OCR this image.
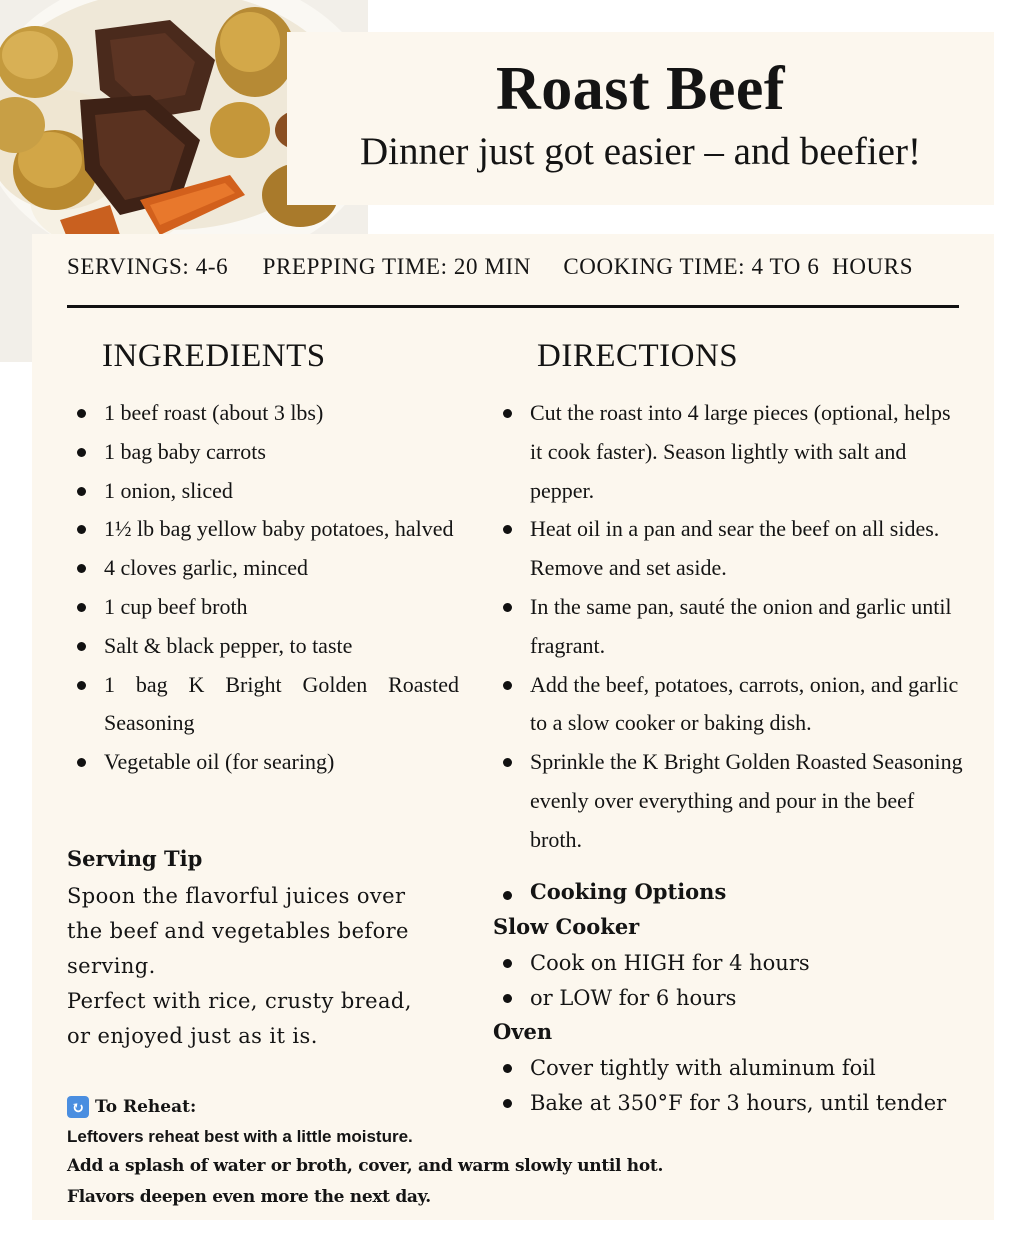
Roast Beef

Dinner just got easier – and beefier!

SERVINGS: 4-6 PREPPING TIME: 20 MIN COOKING TIME: 4 TO 6  HOURS
INGREDIENTS	DIRECTIONS
1 beef roast (about 3 lbs)
1 bag baby carrots
1 onion, sliced
1½ lb bag yellow baby potatoes, halved
4 cloves garlic, minced
1 cup beef broth
Salt & black pepper, to taste
1 bag K Bright Golden Roasted Seasoning
Vegetable oil (for searing)
Cut the roast into 4 large pieces (optional, helps it cook faster). Season lightly with salt and pepper.
Heat oil in a pan and sear the beef on all sides. Remove and set aside.
In the same pan, sauté the onion and garlic until fragrant.
Add the beef, potatoes, carrots, onion, and garlic to a slow cooker or baking dish.
Sprinkle the K Bright Golden Roasted Seasoning evenly over everything and pour in the beef broth.
Serving Tip
Spoon the flavorful juices over
the beef and vegetables before
serving.
Perfect with rice, crusty bread,
or enjoyed just as it is.
Cooking Options
Slow Cooker
Cook on HIGH for 4 hours
or LOW for 6 hours
Oven
Cover tightly with aluminum foil
Bake at 350°F for 3 hours, until tender
↻ To Reheat:
Leftovers reheat best with a little moisture.
Add a splash of water or broth, cover, and warm slowly until hot.
Flavors deepen even more the next day.
